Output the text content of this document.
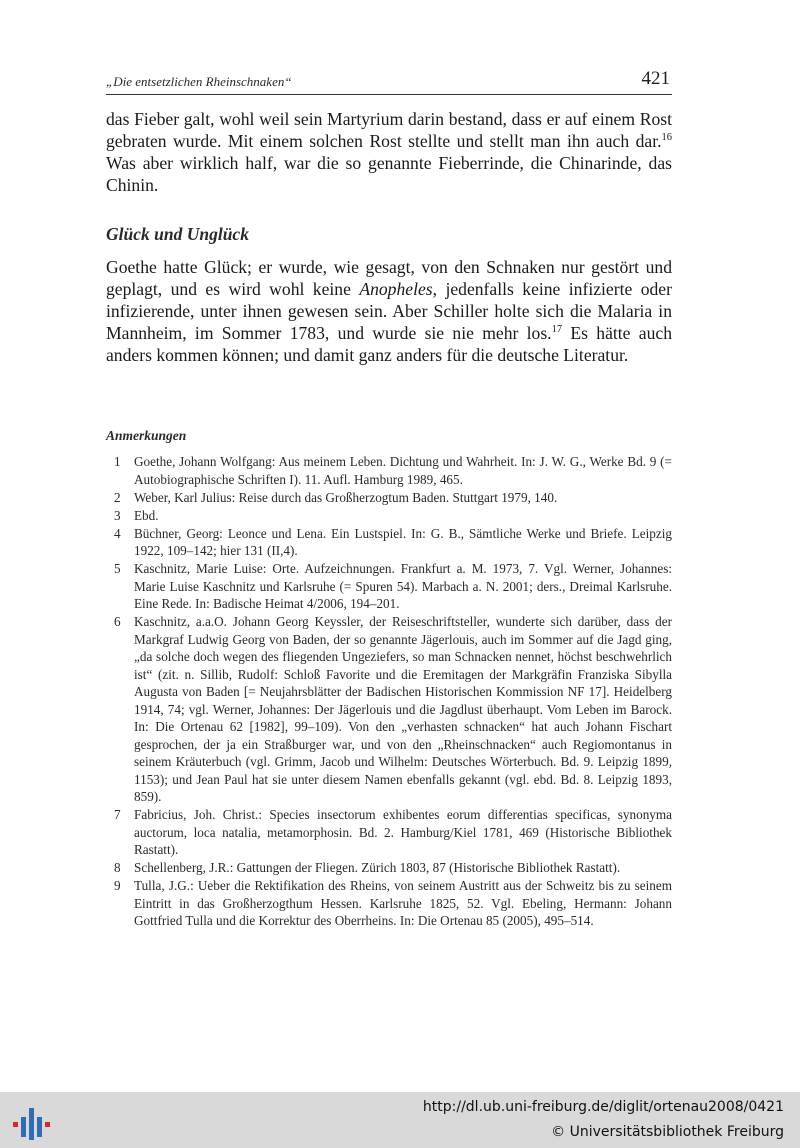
„Die entsetzlichen Rheinschnaken“	421

das Fieber galt, wohl weil sein Martyrium darin bestand, dass er auf einem Rost gebraten wurde. Mit einem solchen Rost stellte und stellt man ihn auch dar.$^{16}$ Was aber wirklich half, war die so genannte Fieberrinde, die Chinarinde, das Chinin.

Glück und Unglück

Goethe hatte Glück; er wurde, wie gesagt, von den Schnaken nur gestört und geplagt, und es wird wohl keine Anopheles, jedenfalls keine infizierte oder infizierende, unter ihnen gewesen sein. Aber Schiller holte sich die Malaria in Mannheim, im Sommer 1783, und wurde sie nie mehr los.$^{17}$ Es hätte auch anders kommen können; und damit ganz anders für die deutsche Literatur.

Anmerkungen
1 Goethe, Johann Wolfgang: Aus meinem Leben. Dichtung und Wahrheit. In: J. W. G., Werke Bd. 9 (= Autobiographische Schriften I). 11. Aufl. Hamburg 1989, 465.
2 Weber, Karl Julius: Reise durch das Großherzogtum Baden. Stuttgart 1979, 140.
3 Ebd.
4 Büchner, Georg: Leonce und Lena. Ein Lustspiel. In: G. B., Sämtliche Werke und Briefe. Leipzig 1922, 109–142; hier 131 (II,4).
5 Kaschnitz, Marie Luise: Orte. Aufzeichnungen. Frankfurt a. M. 1973, 7. Vgl. Werner, Johannes: Marie Luise Kaschnitz und Karlsruhe (= Spuren 54). Marbach a. N. 2001; ders., Dreimal Karlsruhe. Eine Rede. In: Badische Heimat 4/2006, 194–201.
6 Kaschnitz, a.a.O. Johann Georg Keyssler, der Reiseschriftsteller, wunderte sich darüber, dass der Markgraf Ludwig Georg von Baden, der so genannte Jägerlouis, auch im Sommer auf die Jagd ging, „da solche doch wegen des fliegenden Ungeziefers, so man Schnacken nennet, höchst beschwehrlich ist“ (zit. n. Sillib, Rudolf: Schloß Favorite und die Eremitagen der Markgräfin Franziska Sibylla Augusta von Baden [= Neujahrsblätter der Badischen Historischen Kommission NF 17]. Heidelberg 1914, 74; vgl. Werner, Johannes: Der Jägerlouis und die Jagdlust überhaupt. Vom Leben im Barock. In: Die Ortenau 62 [1982], 99–109). Von den „verhasten schnacken“ hat auch Johann Fischart gesprochen, der ja ein Straßburger war, und von den „Rheinschnacken“ auch Regiomontanus in seinem Kräuterbuch (vgl. Grimm, Jacob und Wilhelm: Deutsches Wörterbuch. Bd. 9. Leipzig 1899, 1153); und Jean Paul hat sie unter diesem Namen ebenfalls gekannt (vgl. ebd. Bd. 8. Leipzig 1893, 859).
7 Fabricius, Joh. Christ.: Species insectorum exhibentes eorum differentias specificas, synonyma auctorum, loca natalia, metamorphosin. Bd. 2. Hamburg/Kiel 1781, 469 (Historische Bibliothek Rastatt).
8 Schellenberg, J.R.: Gattungen der Fliegen. Zürich 1803, 87 (Historische Bibliothek Rastatt).
9 Tulla, J.G.: Ueber die Rektifikation des Rheins, von seinem Austritt aus der Schweitz bis zu seinem Eintritt in das Großherzogthum Hessen. Karlsruhe 1825, 52. Vgl. Ebeling, Hermann: Johann Gottfried Tulla und die Korrektur des Oberrheins. In: Die Ortenau 85 (2005), 495–514.
http://dl.ub.uni-freiburg.de/diglit/ortenau2008/0421
© Universitätsbibliothek Freiburg
